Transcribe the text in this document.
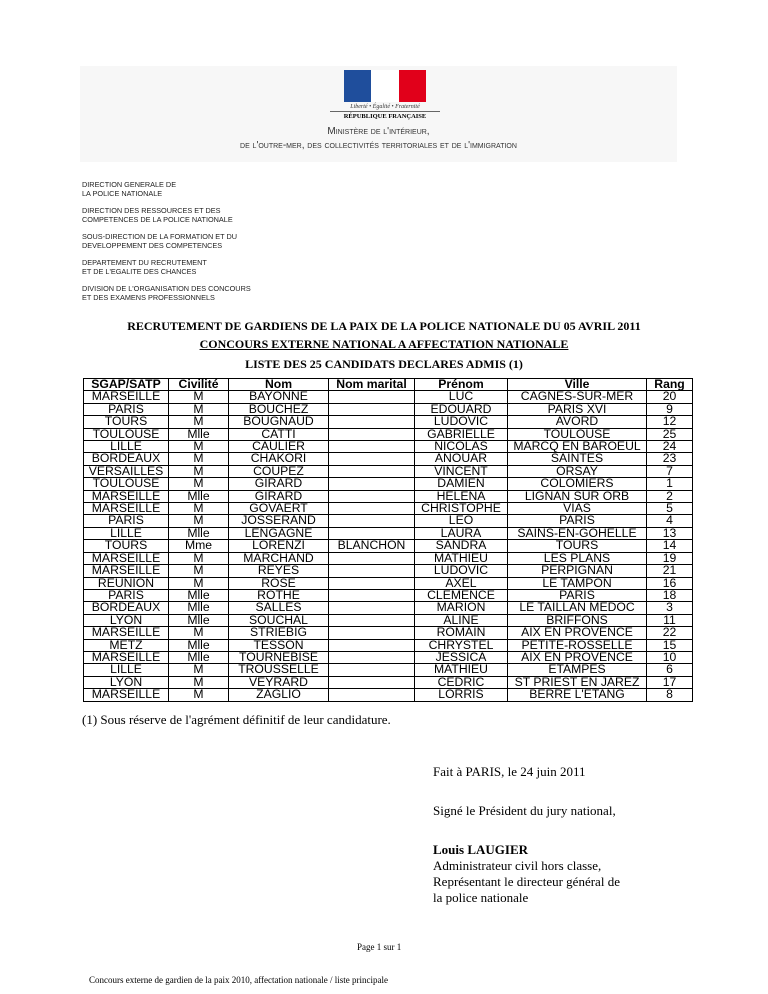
Liberté • Égalité • Fraternité
RÉPUBLIQUE FRANÇAISE
Ministère de l'intérieur,
de l'outre-mer, des collectivités territoriales et de l'immigration
DIRECTION GENERALE DE
LA POLICE NATIONALE
DIRECTION DES RESSOURCES ET DES
COMPETENCES DE LA POLICE NATIONALE
SOUS-DIRECTION DE LA FORMATION ET DU
DEVELOPPEMENT DES COMPETENCES
DEPARTEMENT DU RECRUTEMENT
ET DE L'EGALITE DES CHANCES
DIVISION DE L'ORGANISATION DES CONCOURS
ET DES EXAMENS PROFESSIONNELS
RECRUTEMENT DE GARDIENS DE LA PAIX DE LA POLICE NATIONALE DU 05 AVRIL 2011
CONCOURS EXTERNE NATIONAL A AFFECTATION NATIONALE
LISTE DES 25 CANDIDATS DECLARES ADMIS (1)
SGAP/SATP	Civilité	Nom	Nom marital	Prénom	Ville	Rang
MARSEILLE	M	BAYONNE		LUC	CAGNES-SUR-MER	20
PARIS	M	BOUCHEZ		EDOUARD	PARIS XVI	9
TOURS	M	BOUGNAUD		LUDOVIC	AVORD	12
TOULOUSE	Mlle	CATTI		GABRIELLE	TOULOUSE	25
LILLE	M	CAULIER		NICOLAS	MARCQ EN BAROEUL	24
BORDEAUX	M	CHAKORI		ANOUAR	SAINTES	23
VERSAILLES	M	COUPEZ		VINCENT	ORSAY	7
TOULOUSE	M	GIRARD		DAMIEN	COLOMIERS	1
MARSEILLE	Mlle	GIRARD		HELENA	LIGNAN SUR ORB	2
MARSEILLE	M	GOVAERT		CHRISTOPHE	VIAS	5
PARIS	M	JOSSERAND		LEO	PARIS	4
LILLE	Mlle	LENGAGNE		LAURA	SAINS-EN-GOHELLE	13
TOURS	Mme	LORENZI	BLANCHON	SANDRA	TOURS	14
MARSEILLE	M	MARCHAND		MATHIEU	LES PLANS	19
MARSEILLE	M	REYES		LUDOVIC	PERPIGNAN	21
REUNION	M	ROSE		AXEL	LE TAMPON	16
PARIS	Mlle	ROTHE		CLEMENCE	PARIS	18
BORDEAUX	Mlle	SALLES		MARION	LE TAILLAN MEDOC	3
LYON	Mlle	SOUCHAL		ALINE	BRIFFONS	11
MARSEILLE	M	STRIEBIG		ROMAIN	AIX EN PROVENCE	22
METZ	Mlle	TESSON		CHRYSTEL	PETITE-ROSSELLE	15
MARSEILLE	Mlle	TOURNEBISE		JESSICA	AIX EN PROVENCE	10
LILLE	M	TROUSSELLE		MATHIEU	ETAMPES	6
LYON	M	VEYRARD		CEDRIC	ST PRIEST EN JAREZ	17
MARSEILLE	M	ZAGLIO		LORRIS	BERRE L'ETANG	8
(1) Sous réserve de l'agrément définitif de leur candidature.
Fait à PARIS, le 24 juin 2011
Signé le Président du jury national,
Louis LAUGIER
Administrateur civil hors classe,
Représentant le directeur général de
la police nationale
Page 1 sur 1
Concours externe de gardien de la paix 2010, affectation nationale / liste principale
